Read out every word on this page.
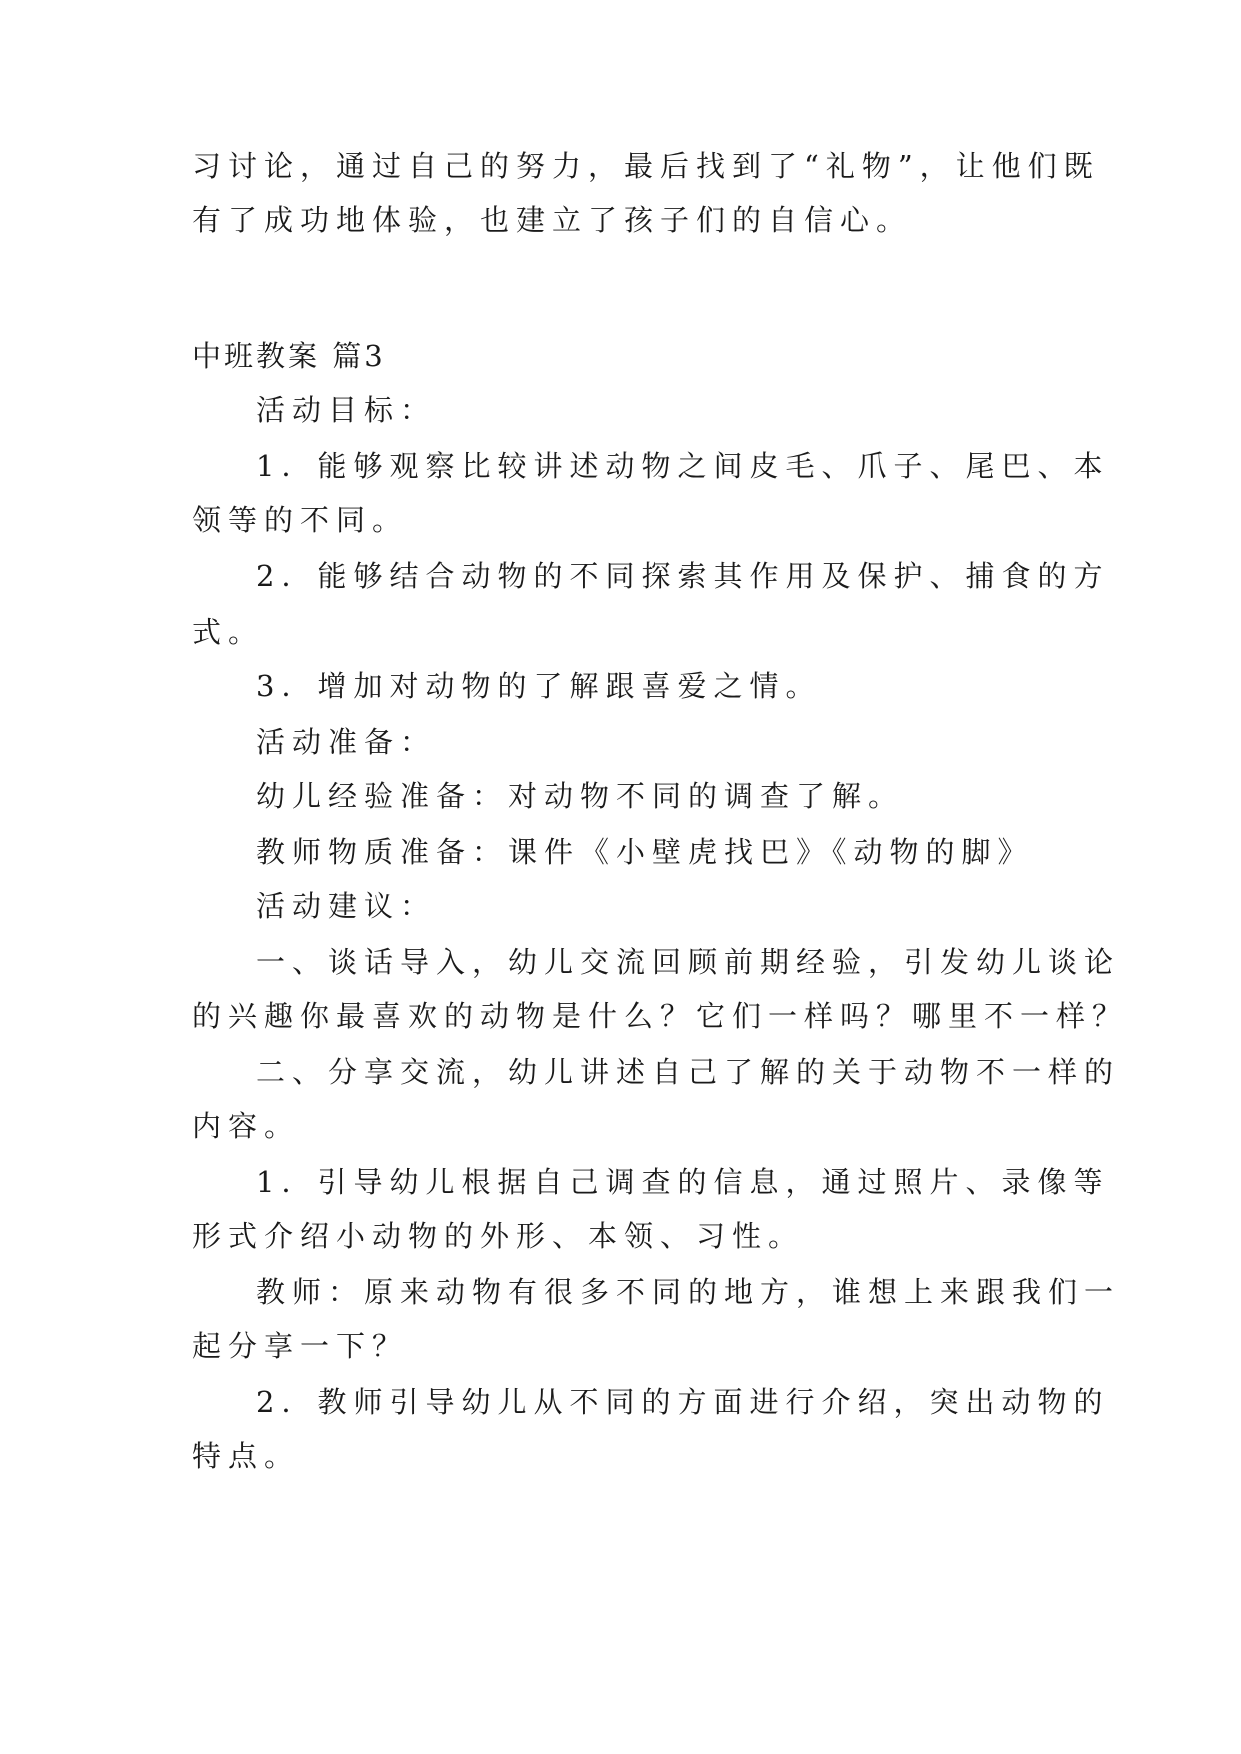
习讨论，通过自己的努力，最后找到了“礼物”，让他们既
有了成功地体验，也建立了孩子们的自信心。
中班教案 篇3
活动目标：
1．能够观察比较讲述动物之间皮毛、爪子、尾巴、本
领等的不同。
2．能够结合动物的不同探索其作用及保护、捕食的方
式。
3．增加对动物的了解跟喜爱之情。
活动准备：
幼儿经验准备：对动物不同的调查了解。
教师物质准备：课件《小壁虎找巴》《动物的脚》
活动建议：
一、谈话导入，幼儿交流回顾前期经验，引发幼儿谈论
的兴趣你最喜欢的动物是什么？它们一样吗？哪里不一样？
二、分享交流，幼儿讲述自己了解的关于动物不一样的
内容。
1．引导幼儿根据自己调查的信息，通过照片、录像等
形式介绍小动物的外形、本领、习性。
教师：原来动物有很多不同的地方，谁想上来跟我们一
起分享一下？
2．教师引导幼儿从不同的方面进行介绍，突出动物的
特点。
